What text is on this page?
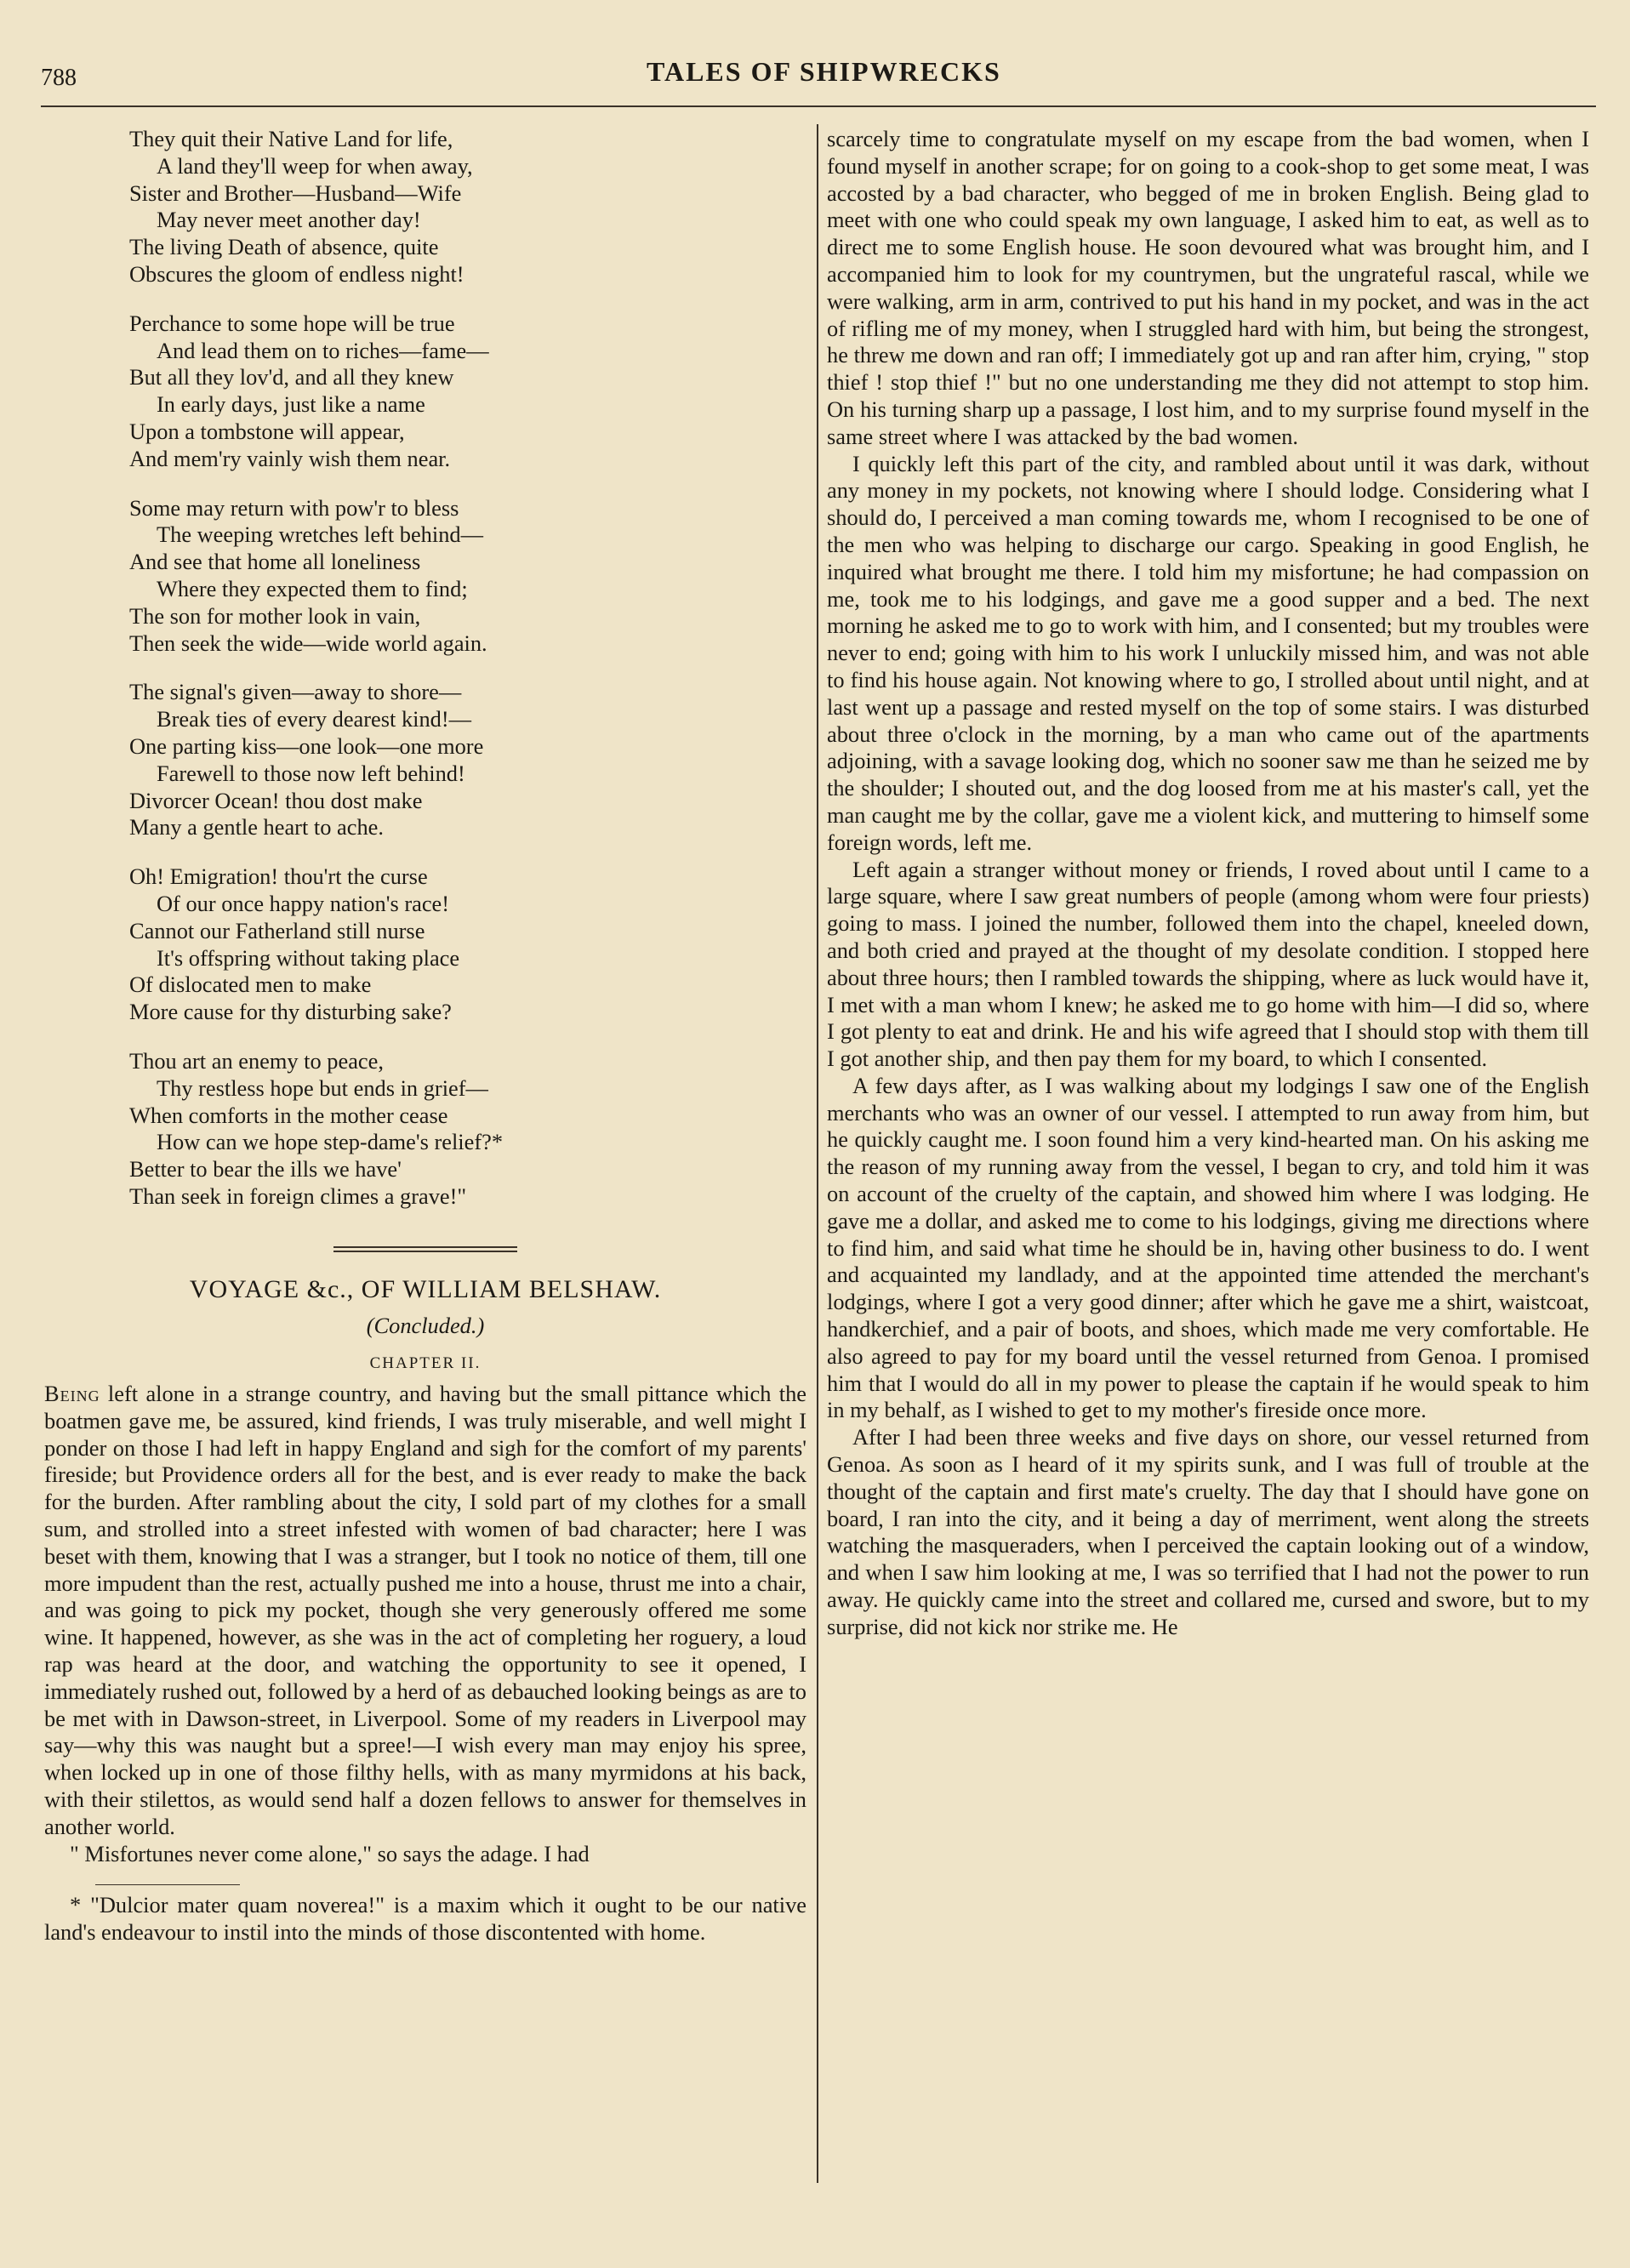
788	TALES OF SHIPWRECKS
They quit their Native Land for life,
A land they'll weep for when away,
Sister and Brother—Husband—Wife
May never meet another day!
The living Death of absence, quite
Obscures the gloom of endless night!
Perchance to some hope will be true
And lead them on to riches—fame—
But all they lov'd, and all they knew
In early days, just like a name
Upon a tombstone will appear,
And mem'ry vainly wish them near.
Some may return with pow'r to bless
The weeping wretches left behind—
And see that home all loneliness
Where they expected them to find;
The son for mother look in vain,
Then seek the wide—wide world again.
The signal's given—away to shore—
Break ties of every dearest kind!—
One parting kiss—one look—one more
Farewell to those now left behind!
Divorcer Ocean! thou dost make
Many a gentle heart to ache.
Oh! Emigration! thou'rt the curse
Of our once happy nation's race!
Cannot our Fatherland still nurse
It's offspring without taking place
Of dislocated men to make
More cause for thy disturbing sake?
Thou art an enemy to peace,
Thy restless hope but ends in grief—
When comforts in the mother cease
How can we hope step-dame's relief?*
Better to bear the ills we have'
Than seek in foreign climes a grave!"
VOYAGE &c., OF WILLIAM BELSHAW.
(Concluded.)
CHAPTER II.

Being left alone in a strange country, and having but the small pittance which the boatmen gave me, be assured, kind friends, I was truly miserable, and well might I ponder on those I had left in happy England and sigh for the comfort of my parents' fireside; but Providence orders all for the best, and is ever ready to make the back for the burden. After rambling about the city, I sold part of my clothes for a small sum, and strolled into a street infested with women of bad character; here I was beset with them, knowing that I was a stranger, but I took no notice of them, till one more impudent than the rest, actually pushed me into a house, thrust me into a chair, and was going to pick my pocket, though she very generously offered me some wine. It happened, however, as she was in the act of completing her roguery, a loud rap was heard at the door, and watching the opportunity to see it opened, I immediately rushed out, followed by a herd of as debauched looking beings as are to be met with in Dawson-street, in Liverpool. Some of my readers in Liverpool may say—why this was naught but a spree!—I wish every man may enjoy his spree, when locked up in one of those filthy hells, with as many myrmidons at his back, with their stilettos, as would send half a dozen fellows to answer for themselves in another world.

" Misfortunes never come alone," so says the adage. I had

* "Dulcior mater quam noverea!" is a maxim which it ought to be our native land's endeavour to instil into the minds of those discontented with home.

scarcely time to congratulate myself on my escape from the bad women, when I found myself in another scrape; for on going to a cook-shop to get some meat, I was accosted by a bad character, who begged of me in broken English. Being glad to meet with one who could speak my own language, I asked him to eat, as well as to direct me to some English house. He soon devoured what was brought him, and I accompanied him to look for my countrymen, but the ungrateful rascal, while we were walking, arm in arm, contrived to put his hand in my pocket, and was in the act of rifling me of my money, when I struggled hard with him, but being the strongest, he threw me down and ran off; I immediately got up and ran after him, crying, " stop thief ! stop thief !" but no one understanding me they did not attempt to stop him. On his turning sharp up a passage, I lost him, and to my surprise found myself in the same street where I was attacked by the bad women.

I quickly left this part of the city, and rambled about until it was dark, without any money in my pockets, not knowing where I should lodge. Considering what I should do, I perceived a man coming towards me, whom I recognised to be one of the men who was helping to discharge our cargo. Speaking in good English, he inquired what brought me there. I told him my misfortune; he had compassion on me, took me to his lodgings, and gave me a good supper and a bed. The next morning he asked me to go to work with him, and I consented; but my troubles were never to end; going with him to his work I unluckily missed him, and was not able to find his house again. Not knowing where to go, I strolled about until night, and at last went up a passage and rested myself on the top of some stairs. I was disturbed about three o'clock in the morning, by a man who came out of the apartments adjoining, with a savage looking dog, which no sooner saw me than he seized me by the shoulder; I shouted out, and the dog loosed from me at his master's call, yet the man caught me by the collar, gave me a violent kick, and muttering to himself some foreign words, left me.

Left again a stranger without money or friends, I roved about until I came to a large square, where I saw great numbers of people (among whom were four priests) going to mass. I joined the number, followed them into the chapel, kneeled down, and both cried and prayed at the thought of my desolate condition. I stopped here about three hours; then I rambled towards the shipping, where as luck would have it, I met with a man whom I knew; he asked me to go home with him—I did so, where I got plenty to eat and drink. He and his wife agreed that I should stop with them till I got another ship, and then pay them for my board, to which I consented.

A few days after, as I was walking about my lodgings I saw one of the English merchants who was an owner of our vessel. I attempted to run away from him, but he quickly caught me. I soon found him a very kind-hearted man. On his asking me the reason of my running away from the vessel, I began to cry, and told him it was on account of the cruelty of the captain, and showed him where I was lodging. He gave me a dollar, and asked me to come to his lodgings, giving me directions where to find him, and said what time he should be in, having other business to do. I went and acquainted my landlady, and at the appointed time attended the merchant's lodgings, where I got a very good dinner; after which he gave me a shirt, waistcoat, handkerchief, and a pair of boots, and shoes, which made me very comfortable. He also agreed to pay for my board until the vessel returned from Genoa. I promised him that I would do all in my power to please the captain if he would speak to him in my behalf, as I wished to get to my mother's fireside once more.

After I had been three weeks and five days on shore, our vessel returned from Genoa. As soon as I heard of it my spirits sunk, and I was full of trouble at the thought of the captain and first mate's cruelty. The day that I should have gone on board, I ran into the city, and it being a day of merriment, went along the streets watching the masqueraders, when I perceived the captain looking out of a window, and when I saw him looking at me, I was so terrified that I had not the power to run away. He quickly came into the street and collared me, cursed and swore, but to my surprise, did not kick nor strike me. He
